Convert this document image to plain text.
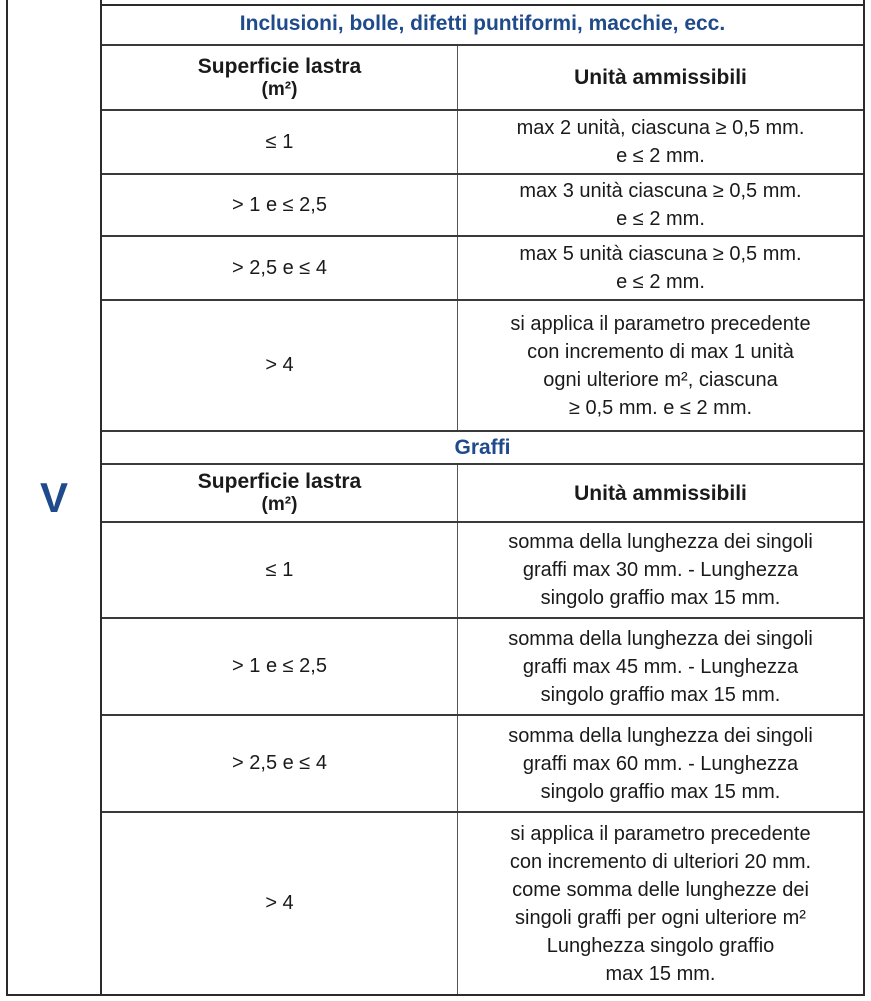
V
Inclusioni, bolle, difetti puntiformi, macchie, ecc.
Superficie lastra
(m²)	Unità ammissibili
≤ 1
max 2 unità, ciascuna ≥ 0,5 mm.
e ≤ 2 mm.
> 1 e ≤ 2,5
max 3 unità ciascuna ≥ 0,5 mm.
e ≤ 2 mm.
> 2,5 e ≤ 4
max 5 unità ciascuna ≥ 0,5 mm.
e ≤ 2 mm.
> 4
si applica il parametro precedente
con incremento di max 1 unità
ogni ulteriore m², ciascuna
≥ 0,5 mm. e ≤ 2 mm.
Graffi
Superficie lastra
(m²)	Unità ammissibili
≤ 1
somma della lunghezza dei singoli
graffi max 30 mm. - Lunghezza
singolo graffio max 15 mm.
> 1 e ≤ 2,5
somma della lunghezza dei singoli
graffi max 45 mm. - Lunghezza
singolo graffio max 15 mm.
> 2,5 e ≤ 4
somma della lunghezza dei singoli
graffi max 60 mm. - Lunghezza
singolo graffio max 15 mm.
> 4
si applica il parametro precedente
con incremento di ulteriori 20 mm.
come somma delle lunghezze dei
singoli graffi per ogni ulteriore m²
Lunghezza singolo graffio
max 15 mm.
